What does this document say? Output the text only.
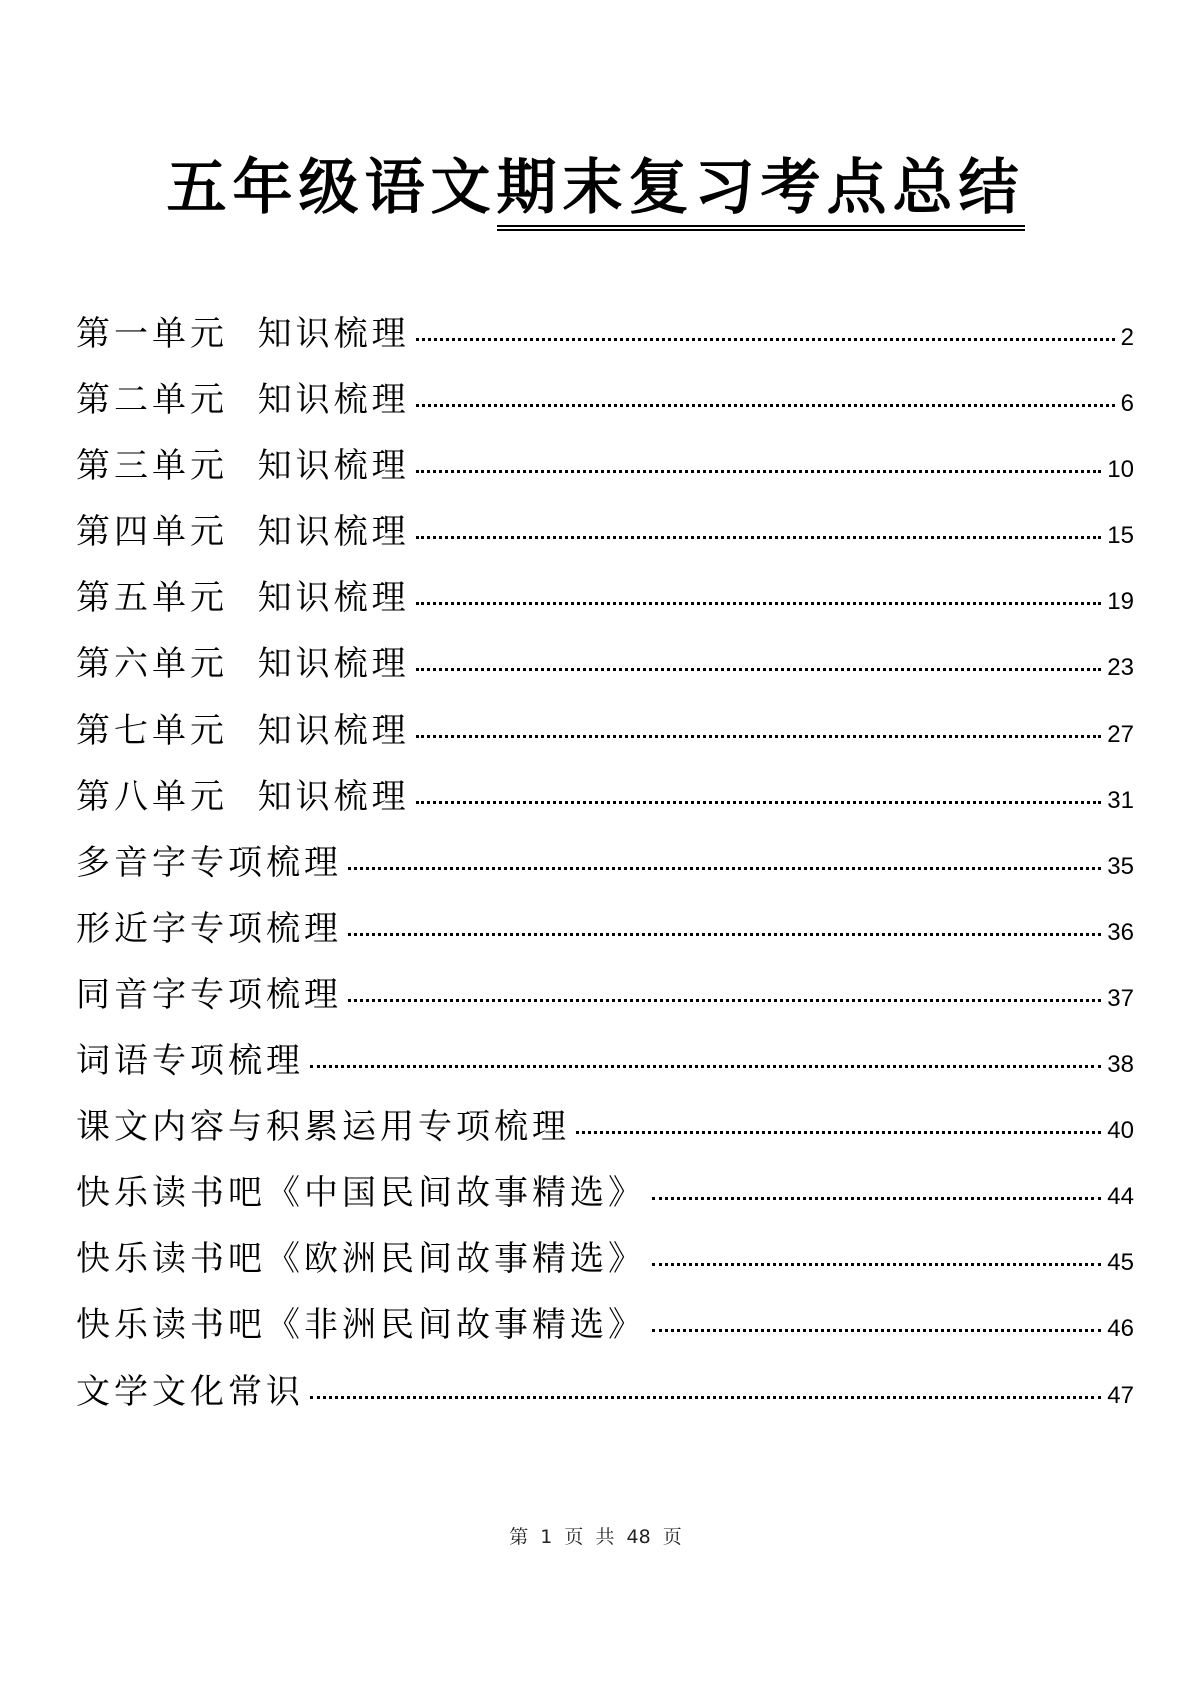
五年级语文期末复习考点总结
第一单元  知识梳理	2
第二单元  知识梳理	6
第三单元  知识梳理	10
第四单元  知识梳理	15
第五单元  知识梳理	19
第六单元  知识梳理	23
第七单元  知识梳理	27
第八单元  知识梳理	31
多音字专项梳理	35
形近字专项梳理	36
同音字专项梳理	37
词语专项梳理	38
课文内容与积累运用专项梳理	40
快乐读书吧《中国民间故事精选》	44
快乐读书吧《欧洲民间故事精选》	45
快乐读书吧《非洲民间故事精选》	46
文学文化常识	47
第 1 页 共 48 页
